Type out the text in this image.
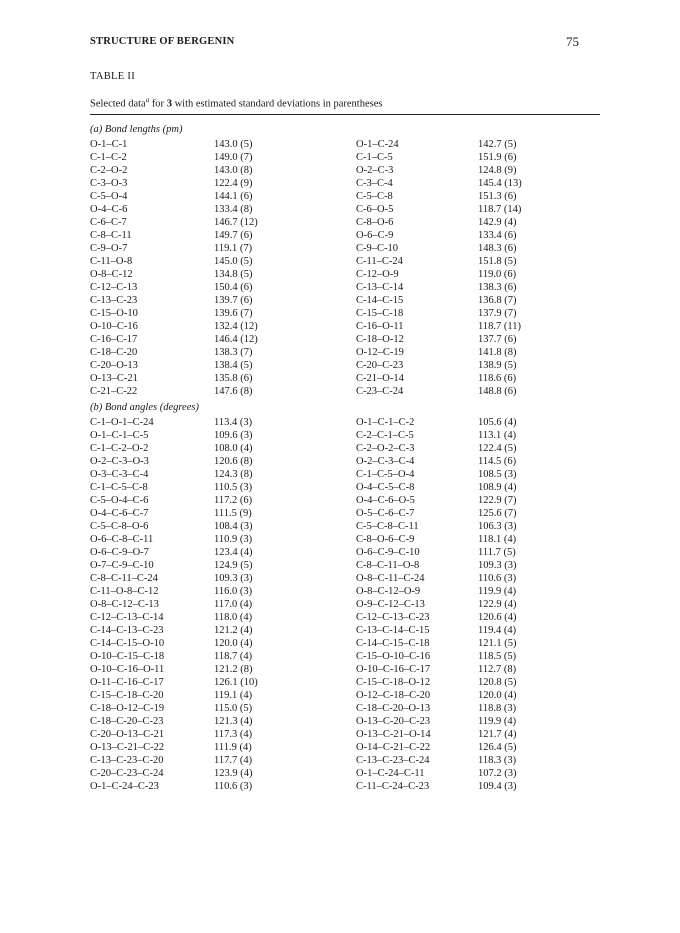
STRUCTURE OF BERGENIN	75
TABLE II
Selected data$^a$ for 3 with estimated standard deviations in parentheses
(a) Bond lengths (pm)
O-1–C-1	143.0 (5)	O-1–C-24	142.7 (5)
C-1–C-2	149.0 (7)	C-1–C-5	151.9 (6)
C-2–O-2	143.0 (8)	O-2–C-3	124.8 (9)
C-3–O-3	122.4 (9)	C-3–C-4	145.4 (13)
C-5–O-4	144.1 (6)	C-5–C-8	151.3 (6)
O-4–C-6	133.4 (8)	C-6–O-5	118.7 (14)
C-6–C-7	146.7 (12)	C-8–O-6	142.9 (4)
C-8–C-11	149.7 (6)	O-6–C-9	133.4 (6)
C-9–O-7	119.1 (7)	C-9–C-10	148.3 (6)
C-11–O-8	145.0 (5)	C-11–C-24	151.8 (5)
O-8–C-12	134.8 (5)	C-12–O-9	119.0 (6)
C-12–C-13	150.4 (6)	C-13–C-14	138.3 (6)
C-13–C-23	139.7 (6)	C-14–C-15	136.8 (7)
C-15–O-10	139.6 (7)	C-15–C-18	137.9 (7)
O-10–C-16	132.4 (12)	C-16–O-11	118.7 (11)
C-16–C-17	146.4 (12)	C-18–O-12	137.7 (6)
C-18–C-20	138.3 (7)	O-12–C-19	141.8 (8)
C-20–O-13	138.4 (5)	C-20–C-23	138.9 (5)
O-13–C-21	135.8 (6)	C-21–O-14	118.6 (6)
C-21–C-22	147.6 (8)	C-23–C-24	148.8 (6)
(b) Bond angles (degrees)
C-1–O-1–C-24	113.4 (3)	O-1–C-1–C-2	105.6 (4)
O-1–C-1–C-5	109.6 (3)	C-2–C-1–C-5	113.1 (4)
C-1–C-2–O-2	108.0 (4)	C-2–O-2–C-3	122.4 (5)
O-2–C-3–O-3	120.6 (8)	O-2–C-3–C-4	114.5 (6)
O-3–C-3–C-4	124.3 (8)	C-1–C-5–O-4	108.5 (3)
C-1–C-5–C-8	110.5 (3)	O-4–C-5–C-8	108.9 (4)
C-5–O-4–C-6	117.2 (6)	O-4–C-6–O-5	122.9 (7)
O-4–C-6–C-7	111.5 (9)	O-5–C-6–C-7	125.6 (7)
C-5–C-8–O-6	108.4 (3)	C-5–C-8–C-11	106.3 (3)
O-6–C-8–C-11	110.9 (3)	C-8–O-6–C-9	118.1 (4)
O-6–C-9–O-7	123.4 (4)	O-6–C-9–C-10	111.7 (5)
O-7–C-9–C-10	124.9 (5)	C-8–C-11–O-8	109.3 (3)
C-8–C-11–C-24	109.3 (3)	O-8–C-11–C-24	110.6 (3)
C-11–O-8–C-12	116.0 (3)	O-8–C-12–O-9	119.9 (4)
O-8–C-12–C-13	117.0 (4)	O-9–C-12–C-13	122.9 (4)
C-12–C-13–C-14	118.0 (4)	C-12–C-13–C-23	120.6 (4)
C-14–C-13–C-23	121.2 (4)	C-13–C-14–C-15	119.4 (4)
C-14–C-15–O-10	120.0 (4)	C-14–C-15–C-18	121.1 (5)
O-10–C-15–C-18	118.7 (4)	C-15–O-10–C-16	118.5 (5)
O-10–C-16–O-11	121.2 (8)	O-10–C-16–C-17	112.7 (8)
O-11–C-16–C-17	126.1 (10)	C-15–C-18–O-12	120.8 (5)
C-15–C-18–C-20	119.1 (4)	O-12–C-18–C-20	120.0 (4)
C-18–O-12–C-19	115.0 (5)	C-18–C-20–O-13	118.8 (3)
C-18–C-20–C-23	121.3 (4)	O-13–C-20–C-23	119.9 (4)
C-20–O-13–C-21	117.3 (4)	O-13–C-21–O-14	121.7 (4)
O-13–C-21–C-22	111.9 (4)	O-14–C-21–C-22	126.4 (5)
C-13–C-23–C-20	117.7 (4)	C-13–C-23–C-24	118.3 (3)
C-20–C-23–C-24	123.9 (4)	O-1–C-24–C-11	107.2 (3)
O-1–C-24–C-23	110.6 (3)	C-11–C-24–C-23	109.4 (3)
